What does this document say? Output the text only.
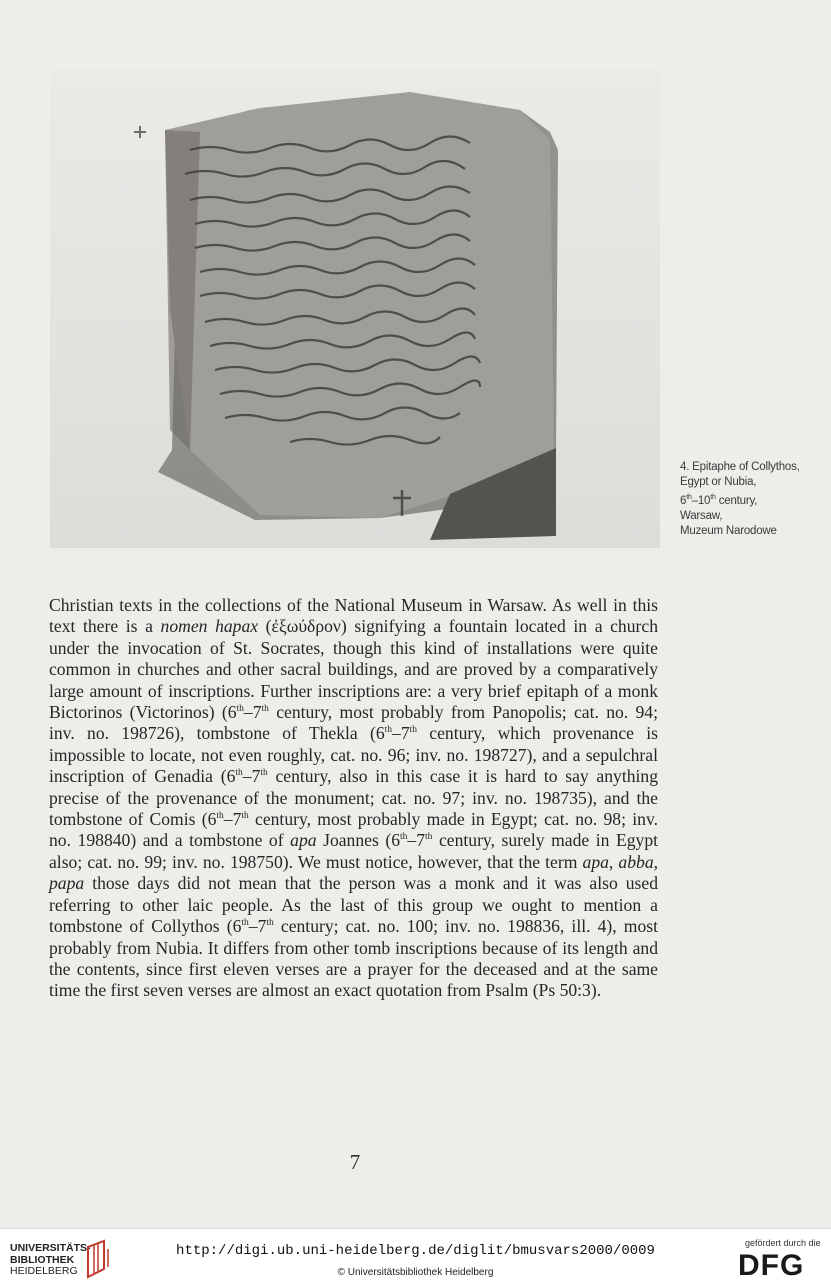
4. Epitaphe of Collythos,
Egypt or Nubia,
6th–10th century,
Warsaw,
Muzeum Narodowe

Christian texts in the collections of the National Museum in Warsaw. As well in this text there is a nomen hapax (ἐξωύδρον) signifying a fountain located in a church under the invocation of St. Socrates, though this kind of installations were quite common in churches and other sacral buildings, and are proved by a comparatively large amount of inscriptions. Further inscriptions are: a very brief epitaph of a monk Bictorinos (Victorinos) (6th–7th century, most probably from Panopolis; cat. no. 94; inv. no. 198726), tombstone of Thekla (6th–7th century, which provenance is impossible to locate, not even roughly, cat. no. 96; inv. no. 198727), and a sepulchral inscription of Genadia (6th–7th century, also in this case it is hard to say anything precise of the provenance of the monument; cat. no. 97; inv. no. 198735), and the tombstone of Comis (6th–7th century, most probably made in Egypt; cat. no. 98; inv. no. 198840) and a tombstone of apa Joannes (6th–7th century, surely made in Egypt also; cat. no. 99; inv. no. 198750). We must notice, however, that the term apa, abba, papa those days did not mean that the person was a monk and it was also used referring to other laic people. As the last of this group we ought to mention a tombstone of Collythos (6th–7th century; cat. no. 100; inv. no. 198836, ill. 4), most probably from Nubia. It differs from other tomb inscriptions because of its length and the contents, since first eleven verses are a prayer for the deceased and at the same time the first seven verses are almost an exact quotation from Psalm (Ps 50:3).

7
UNIVERSITÄTS-
BIBLIOTHEK
HEIDELBERG
http://digi.ub.uni-heidelberg.de/diglit/bmusvars2000/0009
© Universitätsbibliothek Heidelberg
gefördert durch die
DFG
